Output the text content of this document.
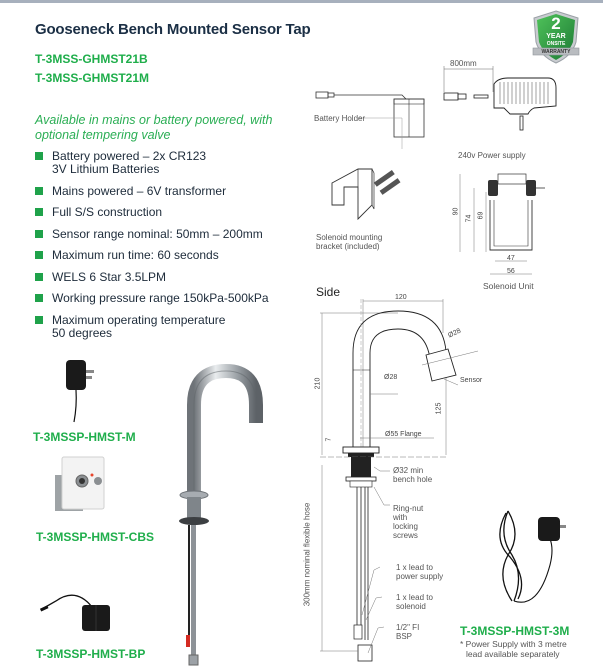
Gooseneck Bench Mounted Sensor Tap
T-3MSS-GHMST21B
T-3MSS-GHMST21M
2
YEAR
ONSITE
WARRANTY
Available in mains or battery powered, with optional tempering valve
Battery powered – 2x CR123
3V Lithium Batteries
Mains powered – 6V transformer
Full S/S construction
Sensor range nominal: 50mm – 200mm
Maximum run time: 60 seconds
WELS 6 Star 3.5LPM
Working pressure range 150kPa-500kPa
Maximum operating temperature
50 degrees
T-3MSSP-HMST-M
T-3MSSP-HMST-CBS
T-3MSSP-HMST-BP
Battery Holder
800mm
240v Power supply
Solenoid mounting
bracket (included)
90
74 69
47
56
Solenoid Unit
Side	120
210
Ø28
Ø28	Sensor
125
Ø55 Flange
7
Ø32 min
bench hole
Ring-nut
with
locking
screws
300mm nominal flexible hose	1 x lead to
power supply
1 x lead to
solenoid
1/2" FI
BSP	T-3MSSP-HMST-3M
* Power Supply with 3 metre
lead available separately
